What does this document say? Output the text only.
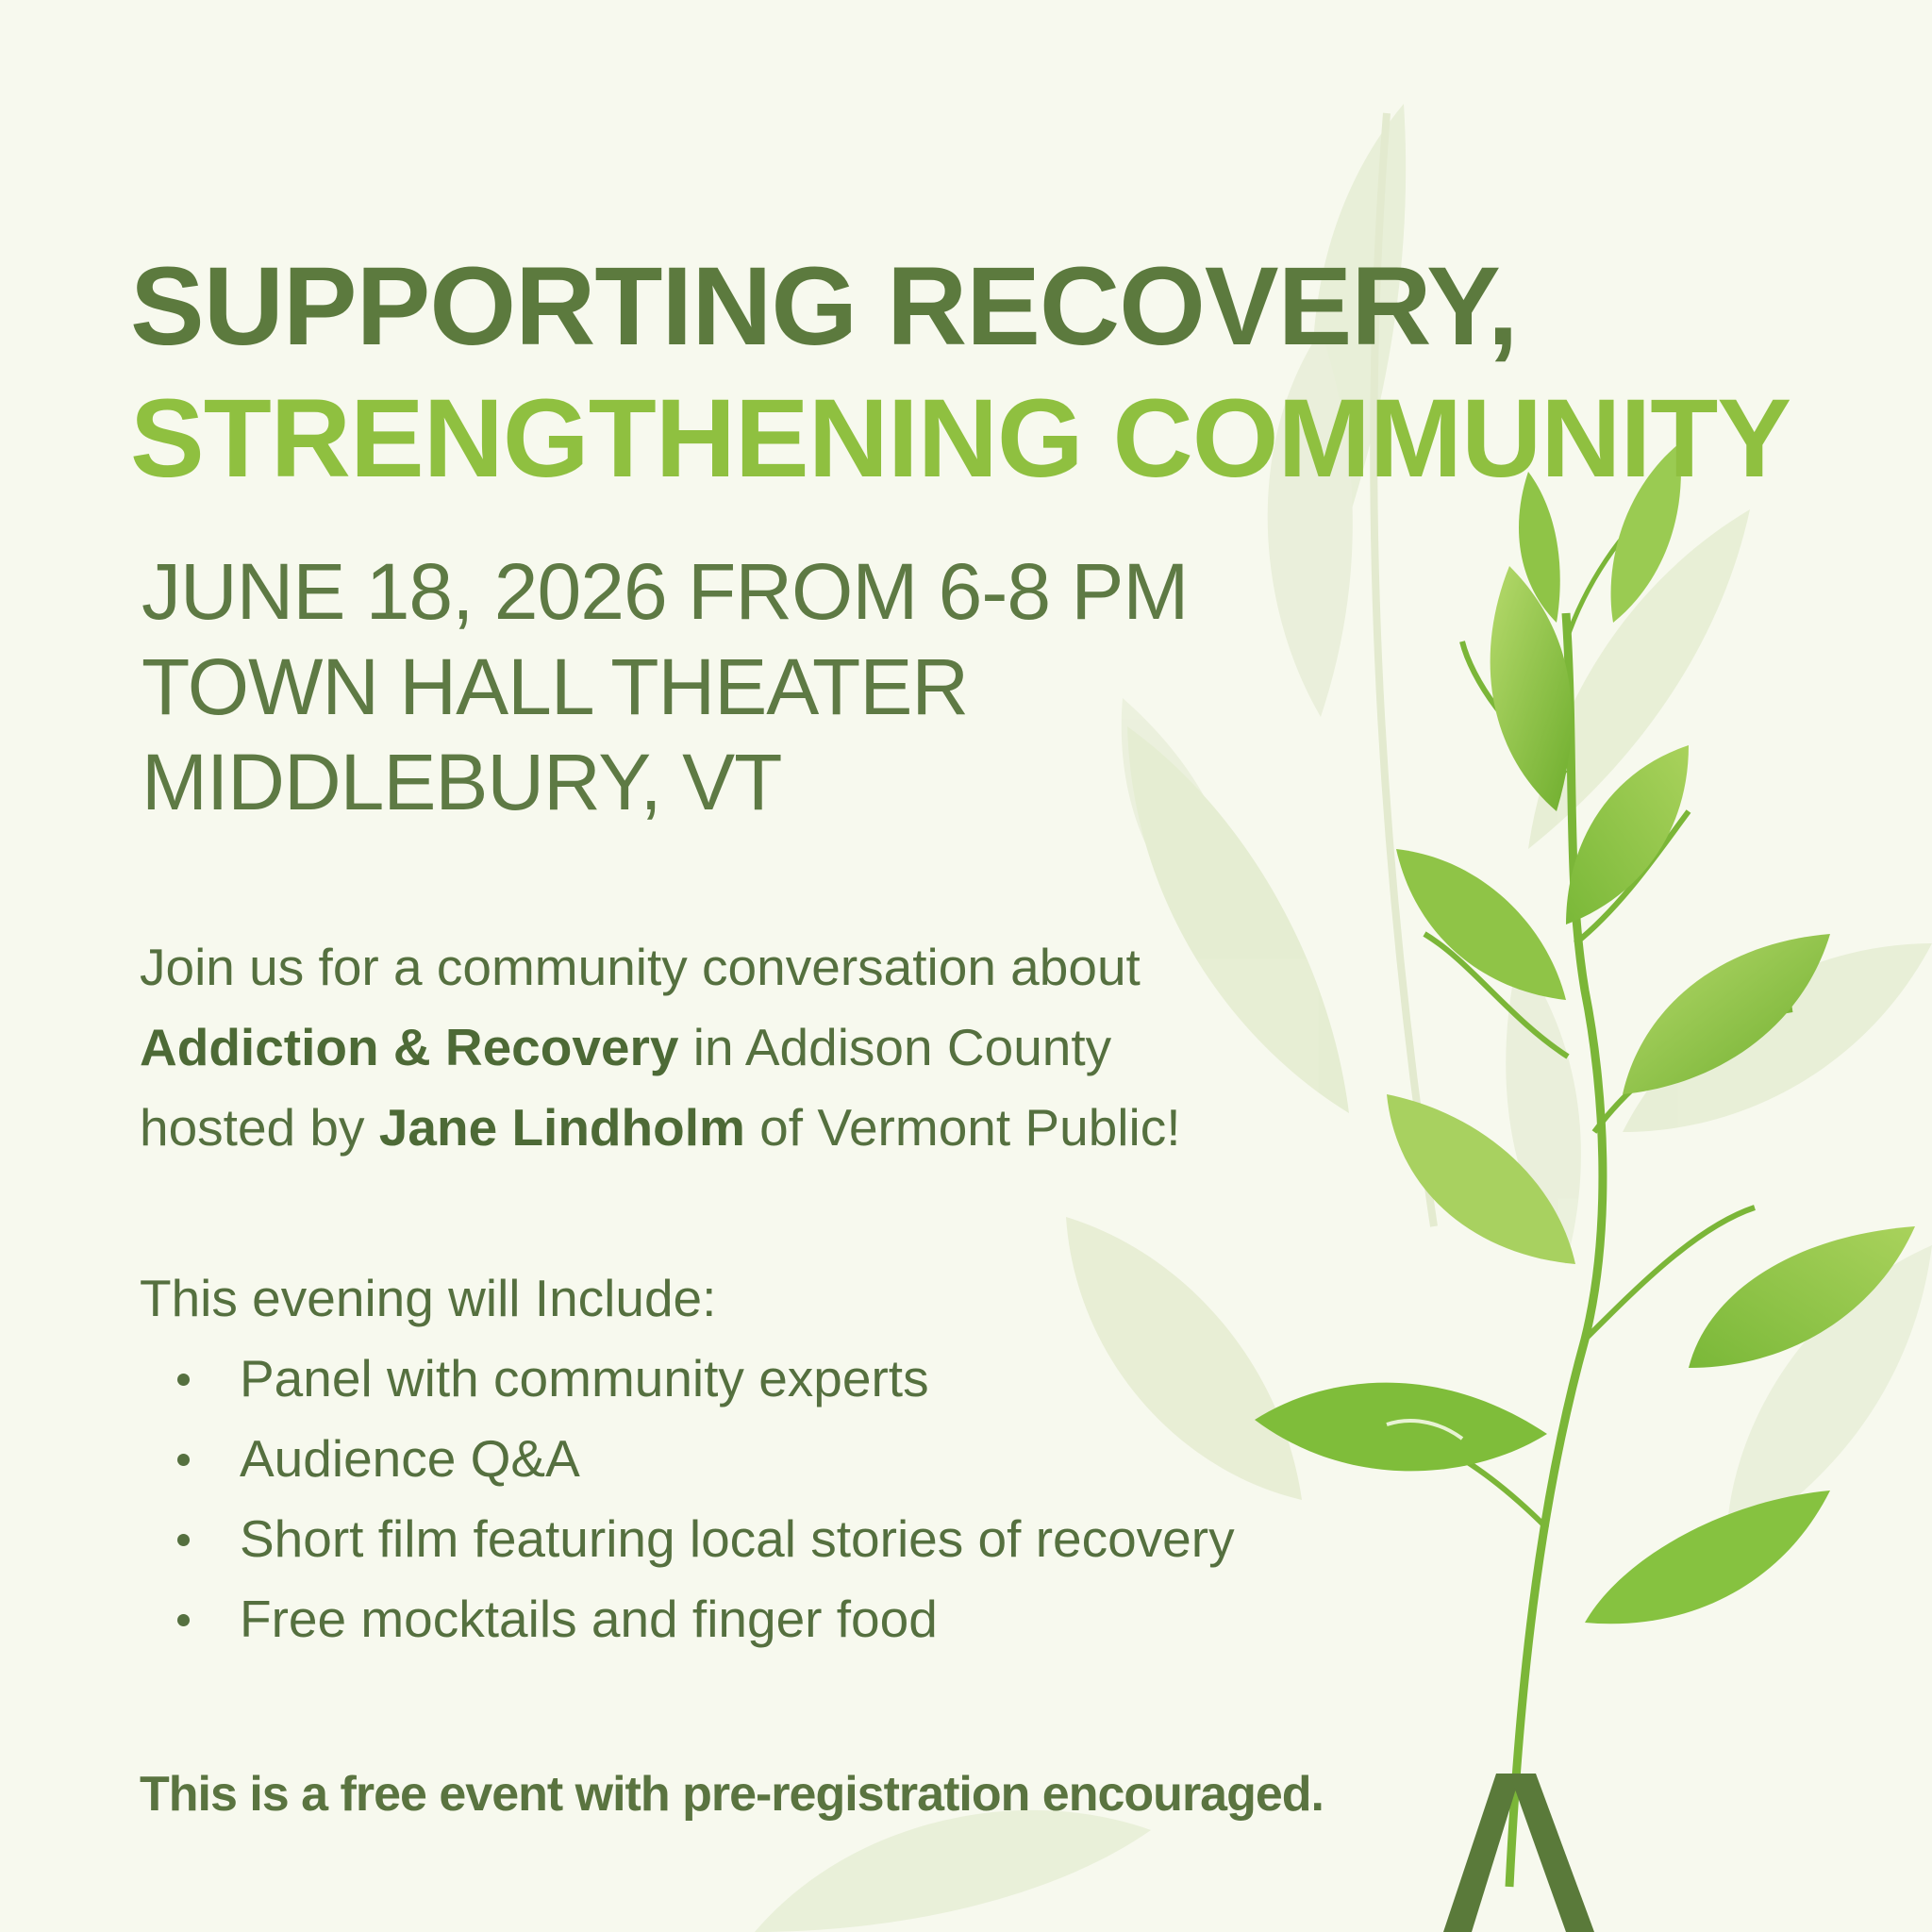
SUPPORTING RECOVERY,
STRENGTHENING COMMUNITY
JUNE 18, 2026 FROM 6-8 PM
TOWN HALL THEATER
MIDDLEBURY, VT
Join us for a community conversation about
Addiction & Recovery in Addison County
hosted by Jane Lindholm of Vermont Public!
This evening will Include:
Panel with community experts
Audience Q&A
Short film featuring local stories of recovery
Free mocktails and finger food
This is a free event with pre-registration encouraged.
